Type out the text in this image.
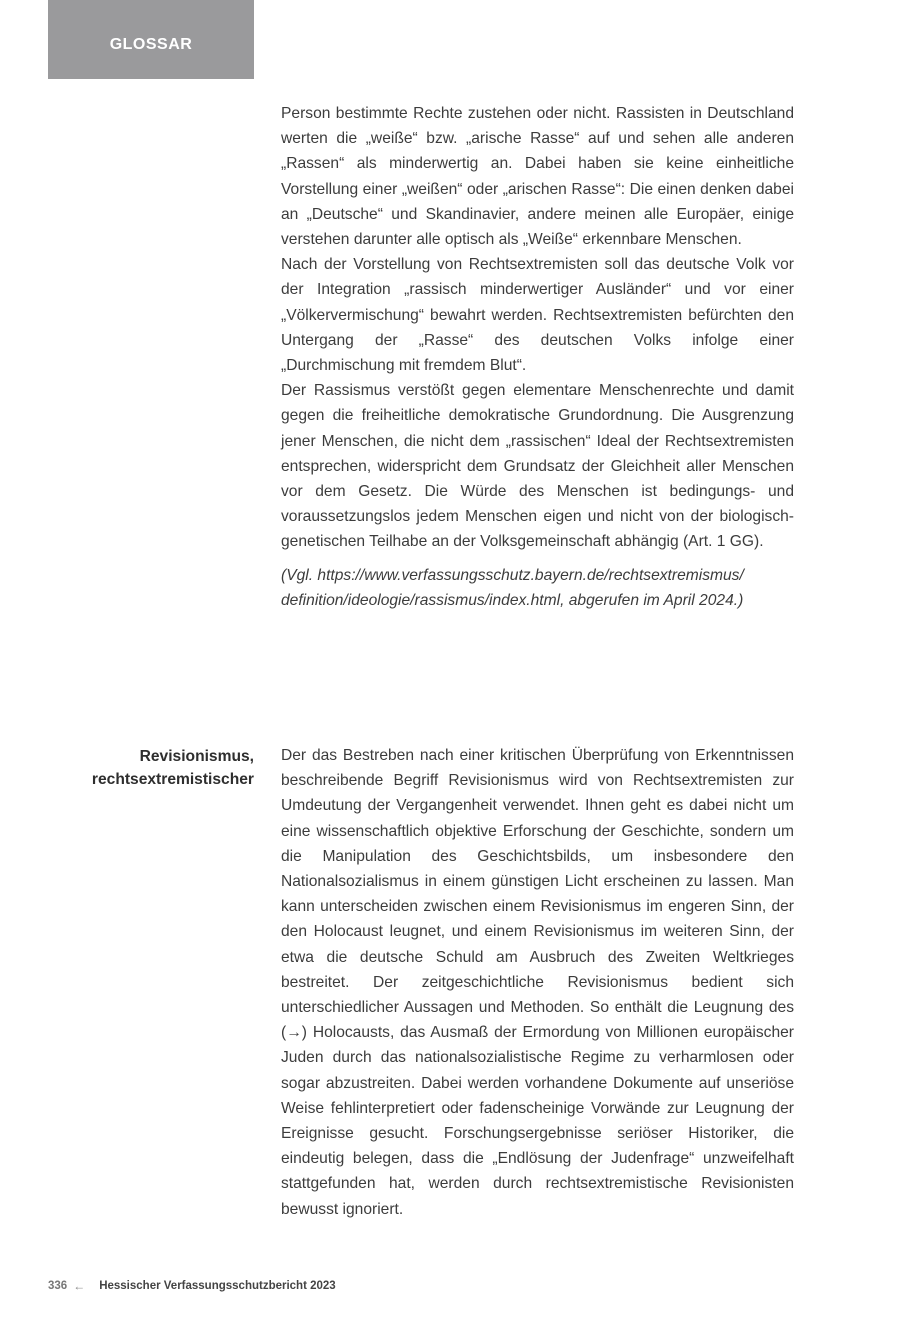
GLOSSAR

Person bestimmte Rechte zustehen oder nicht. Rassisten in Deutschland werten die „weiße“ bzw. „arische Rasse“ auf und sehen alle anderen „Rassen“ als minderwertig an. Dabei haben sie keine einheitliche Vorstellung einer „weißen“ oder „arischen Rasse“: Die einen denken dabei an „Deutsche“ und Skandinavier, andere meinen alle Europäer, einige verstehen darunter alle optisch als „Weiße“ erkennbare Menschen.

Nach der Vorstellung von Rechtsextremisten soll das deutsche Volk vor der Integration „rassisch minderwertiger Ausländer“ und vor einer „Völkervermischung“ bewahrt werden. Rechtsextremisten befürchten den Untergang der „Rasse“ des deutschen Volks infolge einer „Durchmischung mit fremdem Blut“.

Der Rassismus verstößt gegen elementare Menschenrechte und damit gegen die freiheitliche demokratische Grundordnung. Die Ausgrenzung jener Menschen, die nicht dem „rassischen“ Ideal der Rechtsextremisten entsprechen, widerspricht dem Grundsatz der Gleichheit aller Menschen vor dem Gesetz. Die Würde des Menschen ist bedingungs- und voraussetzungslos jedem Menschen eigen und nicht von der biologisch-genetischen Teilhabe an der Volksgemeinschaft abhängig (Art. 1 GG).

(Vgl. https://www.verfassungsschutz.bayern.de/rechtsextremismus/ definition/ideologie/rassismus/index.html, abgerufen im April 2024.)

Revisionismus,
rechtsextremistischer

Der das Bestreben nach einer kritischen Überprüfung von Erkenntnissen beschreibende Begriff Revisionismus wird von Rechtsextremisten zur Umdeutung der Vergangenheit verwendet. Ihnen geht es dabei nicht um eine wissenschaftlich objektive Erforschung der Geschichte, sondern um die Manipulation des Geschichtsbilds, um insbesondere den Nationalsozialismus in einem günstigen Licht erscheinen zu lassen. Man kann unterscheiden zwischen einem Revisionismus im engeren Sinn, der den Holocaust leugnet, und einem Revisionismus im weiteren Sinn, der etwa die deutsche Schuld am Ausbruch des Zweiten Weltkrieges bestreitet. Der zeitgeschichtliche Revisionismus bedient sich unterschiedlicher Aussagen und Methoden. So enthält die Leugnung des (→) Holocausts, das Ausmaß der Ermordung von Millionen europäischer Juden durch das nationalsozialistische Regime zu verharmlosen oder sogar abzustreiten. Dabei werden vorhandene Dokumente auf unseriöse Weise fehlinterpretiert oder fadenscheinige Vorwände zur Leugnung der Ereignisse gesucht. Forschungsergebnisse seriöser Historiker, die eindeutig belegen, dass die „Endlösung der Judenfrage“ unzweifelhaft stattgefunden hat, werden durch rechtsextremistische Revisionisten bewusst ignoriert.

336 ← Hessischer Verfassungsschutzbericht 2023
